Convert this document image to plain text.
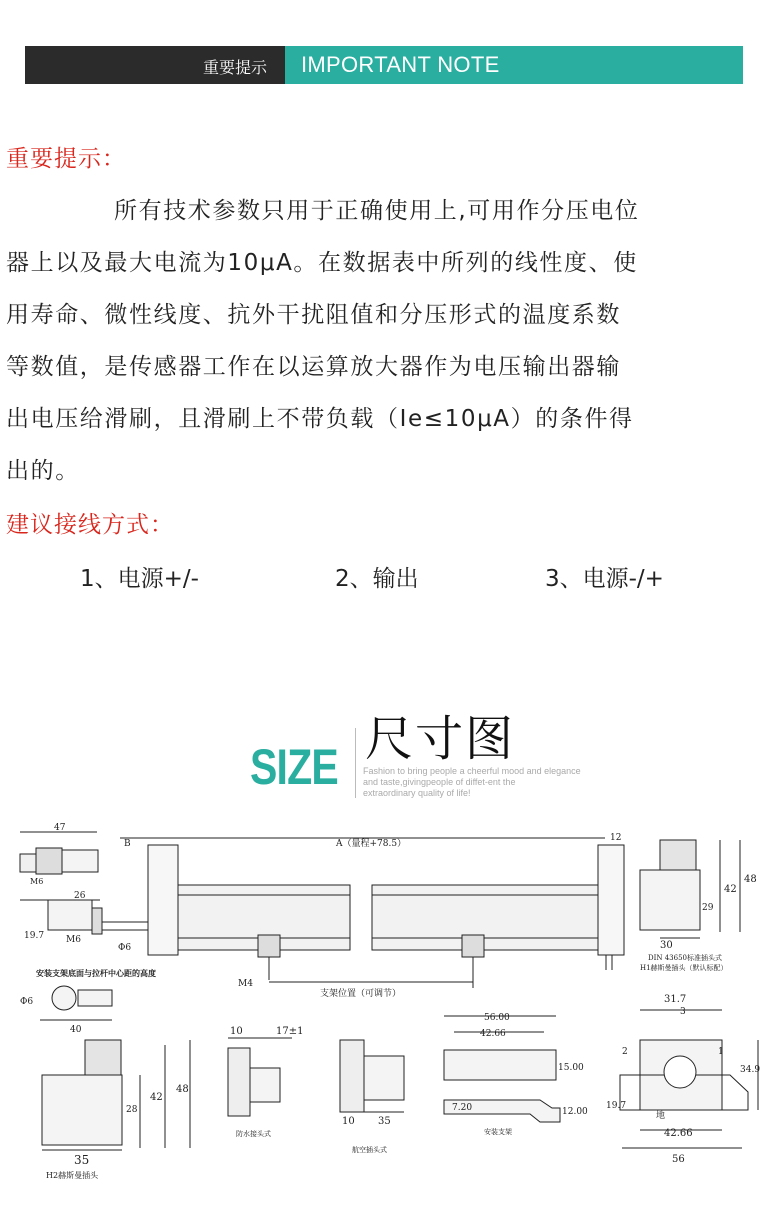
重要提示 IMPORTANT NOTE
重要提示：
所有技术参数只用于正确使用上,可用作分压电位
器上以及最大电流为10μA。在数据表中所列的线性度、使
用寿命、微性线度、抗外干扰阻值和分压形式的温度系数
等数值，是传感器工作在以运算放大器作为电压输出器输
出电压给滑刷，且滑刷上不带负载（Ie≤10μA）的条件得
出的。
建议接线方式：
1、电源+/-	2、输出	3、电源-/+
SIZE 尺寸图
Fashion to bring people a cheerful mood and elegance
and taste,givingpeople of diffet-ent the
extraordinary quality of life!
47
B	A（量程+78.5）
12
M6
26
19.7 M6
Φ6
M4
支架位置（可调节）
安装支架底面与拉杆中心距的高度
Φ6
40
29
42
48
30
DIN 43650标准插头式
H1赫斯曼插头（默认标配）
10	17±1
防水接头式
10 35
航空插头式
56.00
42.66
15.00
7.20	12.00
安装支架
31.7
3
2	1
19.7
34.9
地
42.66
56
28
42
48
35
H2赫斯曼插头
